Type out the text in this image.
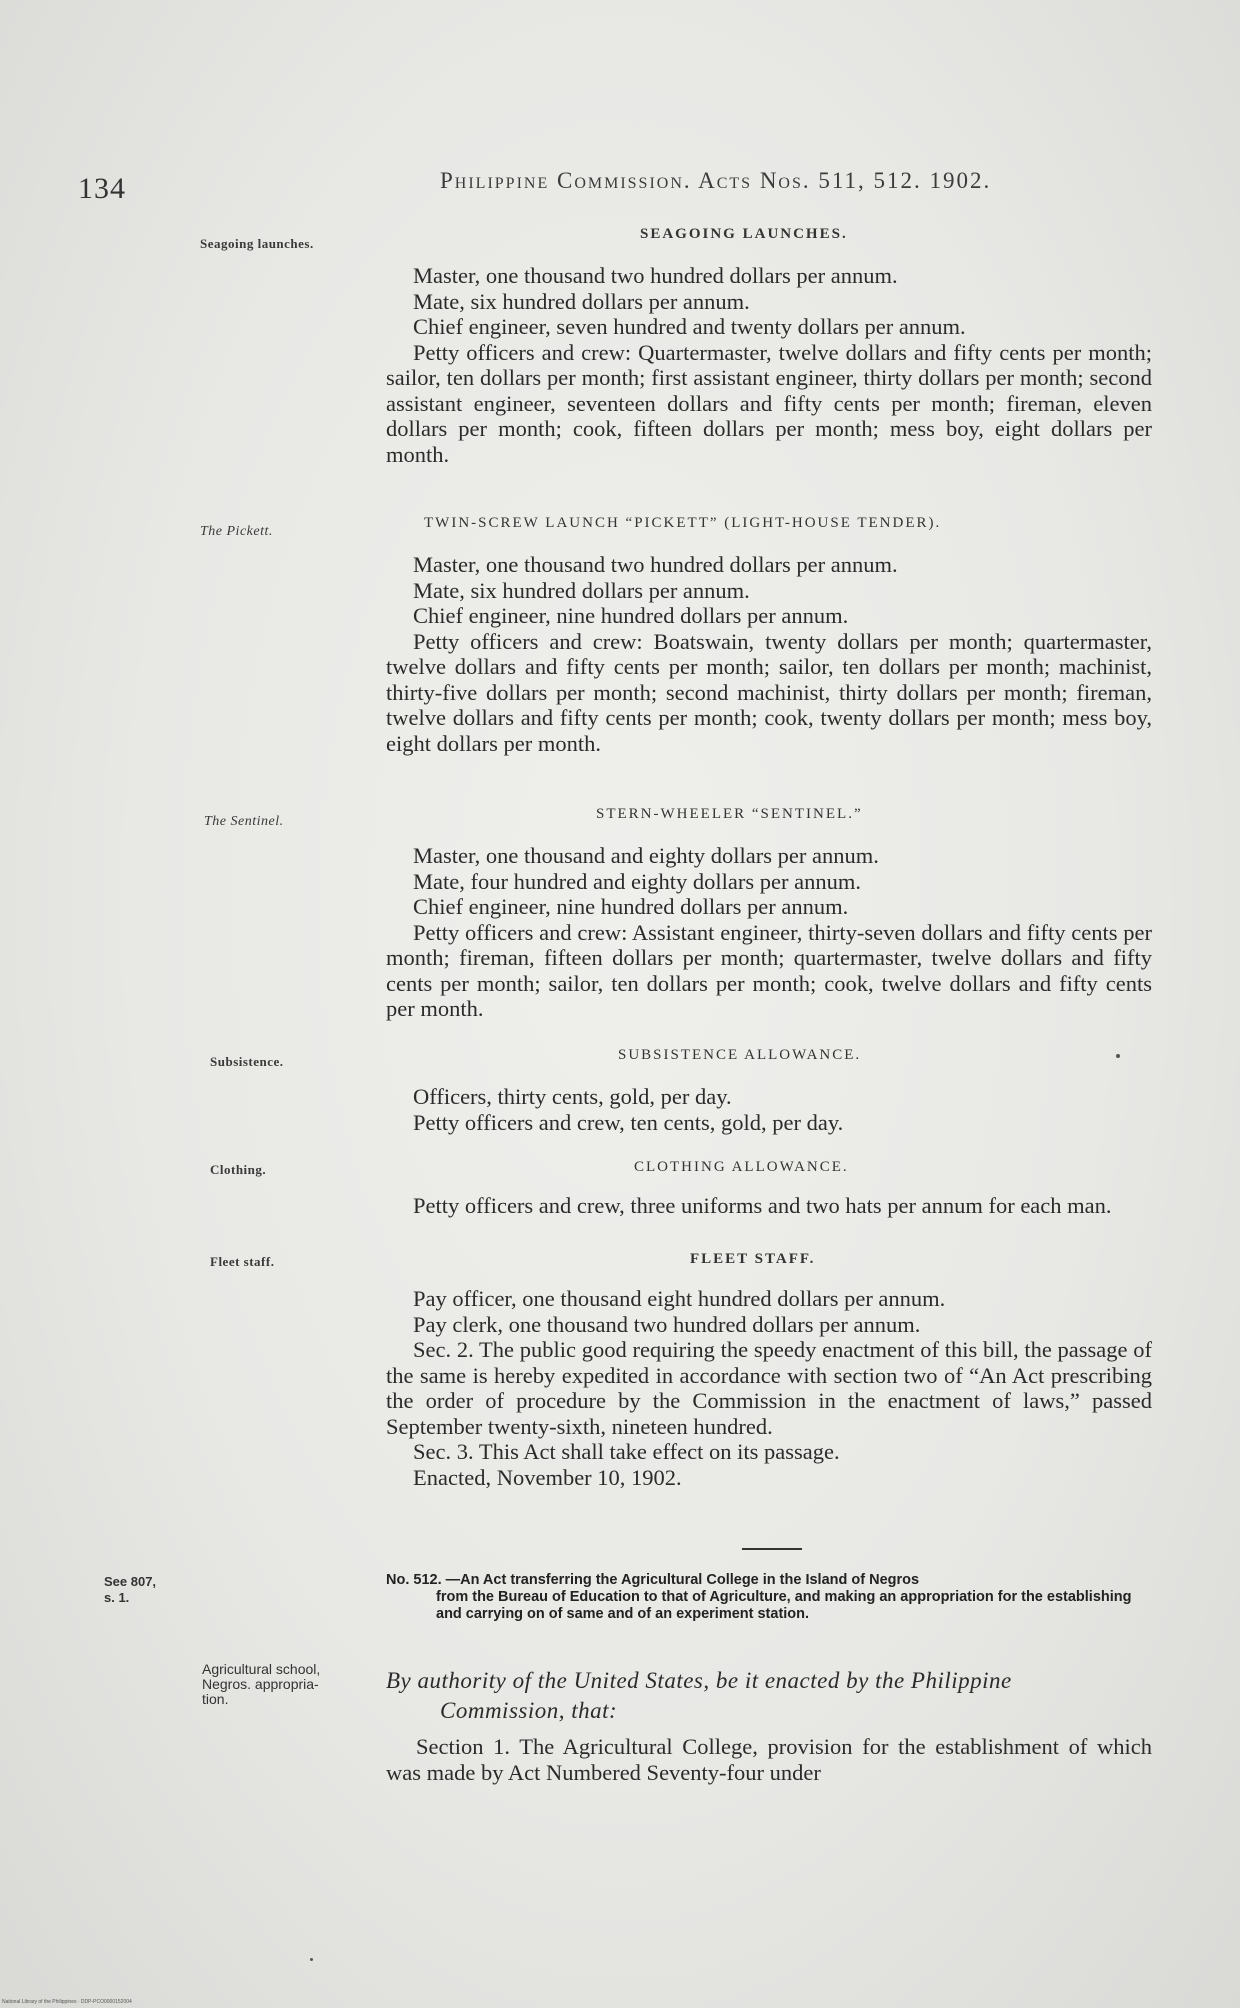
134	Philippine Commission. Acts Nos. 511, 512. 1902.
Seagoing launches.
SEAGOING LAUNCHES.

Master, one thousand two hundred dollars per annum.

Mate, six hundred dollars per annum.

Chief engineer, seven hundred and twenty dollars per annum.

Petty officers and crew: Quartermaster, twelve dollars and fifty cents per month; sailor, ten dollars per month; first assistant engineer, thirty dollars per month; second assistant engineer, seventeen dollars and fifty cents per month; fireman, eleven dollars per month; cook, fifteen dollars per month; mess boy, eight dollars per month.

The Pickett.
TWIN-SCREW LAUNCH “PICKETT” (LIGHT-HOUSE TENDER).

Master, one thousand two hundred dollars per annum.

Mate, six hundred dollars per annum.

Chief engineer, nine hundred dollars per annum.

Petty officers and crew: Boatswain, twenty dollars per month; quartermaster, twelve dollars and fifty cents per month; sailor, ten dollars per month; machinist, thirty-five dollars per month; second machinist, thirty dollars per month; fireman, twelve dollars and fifty cents per month; cook, twenty dollars per month; mess boy, eight dollars per month.

The Sentinel.	STERN-WHEELER “SENTINEL.”

Master, one thousand and eighty dollars per annum.

Mate, four hundred and eighty dollars per annum.

Chief engineer, nine hundred dollars per annum.

Petty officers and crew: Assistant engineer, thirty-seven dollars and fifty cents per month; fireman, fifteen dollars per month; quartermaster, twelve dollars and fifty cents per month; sailor, ten dollars per month; cook, twelve dollars and fifty cents per month.

Subsistence.	SUBSISTENCE ALLOWANCE.

Officers, thirty cents, gold, per day.

Petty officers and crew, ten cents, gold, per day.

Clothing.	CLOTHING ALLOWANCE.

Petty officers and crew, three uniforms and two hats per annum for each man.

Fleet staff.	FLEET STAFF.

Pay officer, one thousand eight hundred dollars per annum.

Pay clerk, one thousand two hundred dollars per annum.

Sec. 2. The public good requiring the speedy enactment of this bill, the passage of the same is hereby expedited in accordance with section two of “An Act prescribing the order of procedure by the Commission in the enactment of laws,” passed September twenty-sixth, nineteen hundred.

Sec. 3. This Act shall take effect on its passage.

Enacted, November 10, 1902.

See 807,
s. 1.
No. 512. —An Act transferring the Agricultural College in the Island of Negros
from the Bureau of Education to that of Agriculture, and making an appropriation for the establishing and carrying on of same and of an experiment station.
Agricultural school,
Negros. appropria-
tion.
By authority of the United States, be it enacted by the Philippine
Commission, that:

Section 1. The Agricultural College, provision for the establishment of which was made by Act Numbered Seventy-four under

National Library of the Philippines · DDP-PCO0000152004
